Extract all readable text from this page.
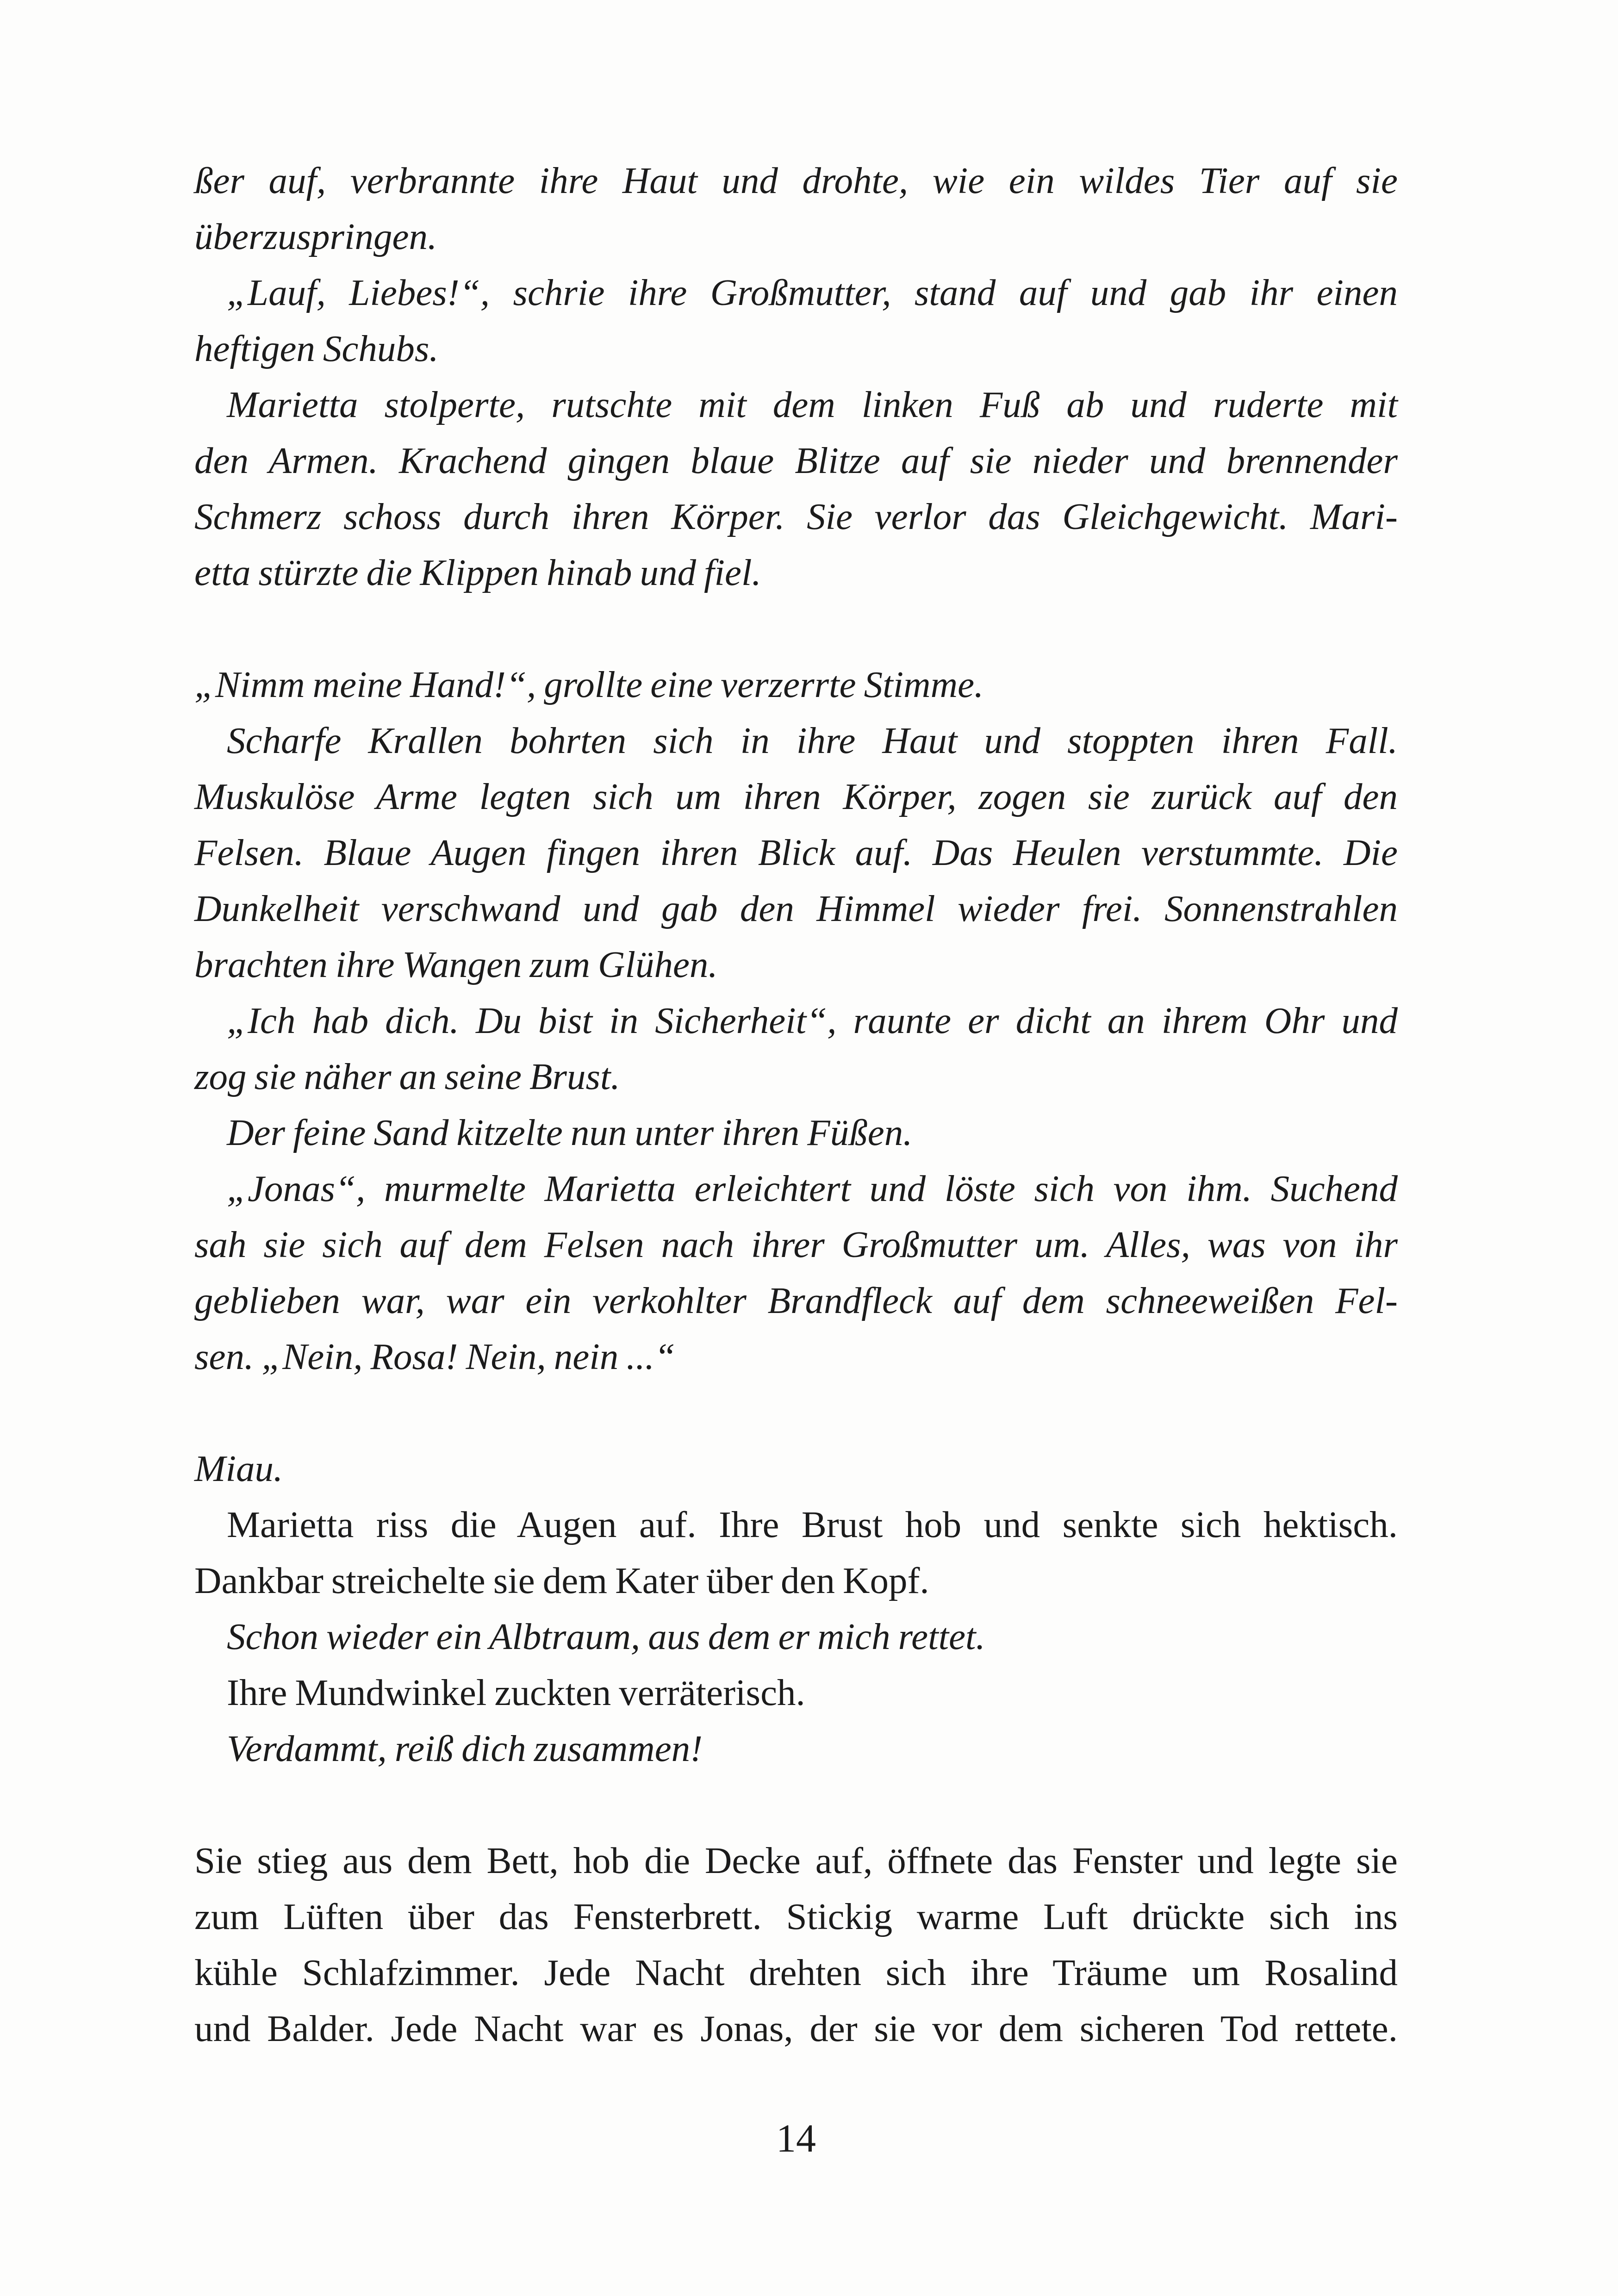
ßer auf, verbrannte ihre Haut und drohte, wie ein wildes Tier auf sie
überzuspringen.
„Lauf, Liebes!“, schrie ihre Großmutter, stand auf und gab ihr einen
heftigen Schubs.
Marietta stolperte, rutschte mit dem linken Fuß ab und ruderte mit
den Armen. Krachend gingen blaue Blitze auf sie nieder und brennender
Schmerz schoss durch ihren Körper. Sie verlor das Gleichgewicht. Mari-
etta stürzte die Klippen hinab und fiel.
„Nimm meine Hand!“, grollte eine verzerrte Stimme.
Scharfe Krallen bohrten sich in ihre Haut und stoppten ihren Fall.
Muskulöse Arme legten sich um ihren Körper, zogen sie zurück auf den
Felsen. Blaue Augen fingen ihren Blick auf. Das Heulen verstummte. Die
Dunkelheit verschwand und gab den Himmel wieder frei. Sonnenstrahlen
brachten ihre Wangen zum Glühen.
„Ich hab dich. Du bist in Sicherheit“, raunte er dicht an ihrem Ohr und
zog sie näher an seine Brust.
Der feine Sand kitzelte nun unter ihren Füßen.
„Jonas“, murmelte Marietta erleichtert und löste sich von ihm. Suchend
sah sie sich auf dem Felsen nach ihrer Großmutter um. Alles, was von ihr
geblieben war, war ein verkohlter Brandfleck auf dem schneeweißen Fel-
sen. „Nein, Rosa! Nein, nein ...“
Miau.
Marietta riss die Augen auf. Ihre Brust hob und senkte sich hektisch.
Dankbar streichelte sie dem Kater über den Kopf.
Schon wieder ein Albtraum, aus dem er mich rettet.
Ihre Mundwinkel zuckten verräterisch.
Verdammt, reiß dich zusammen!
Sie stieg aus dem Bett, hob die Decke auf, öffnete das Fenster und legte sie
zum Lüften über das Fensterbrett. Stickig warme Luft drückte sich ins
kühle Schlafzimmer. Jede Nacht drehten sich ihre Träume um Rosalind
und Balder. Jede Nacht war es Jonas, der sie vor dem sicheren Tod rettete.
14
